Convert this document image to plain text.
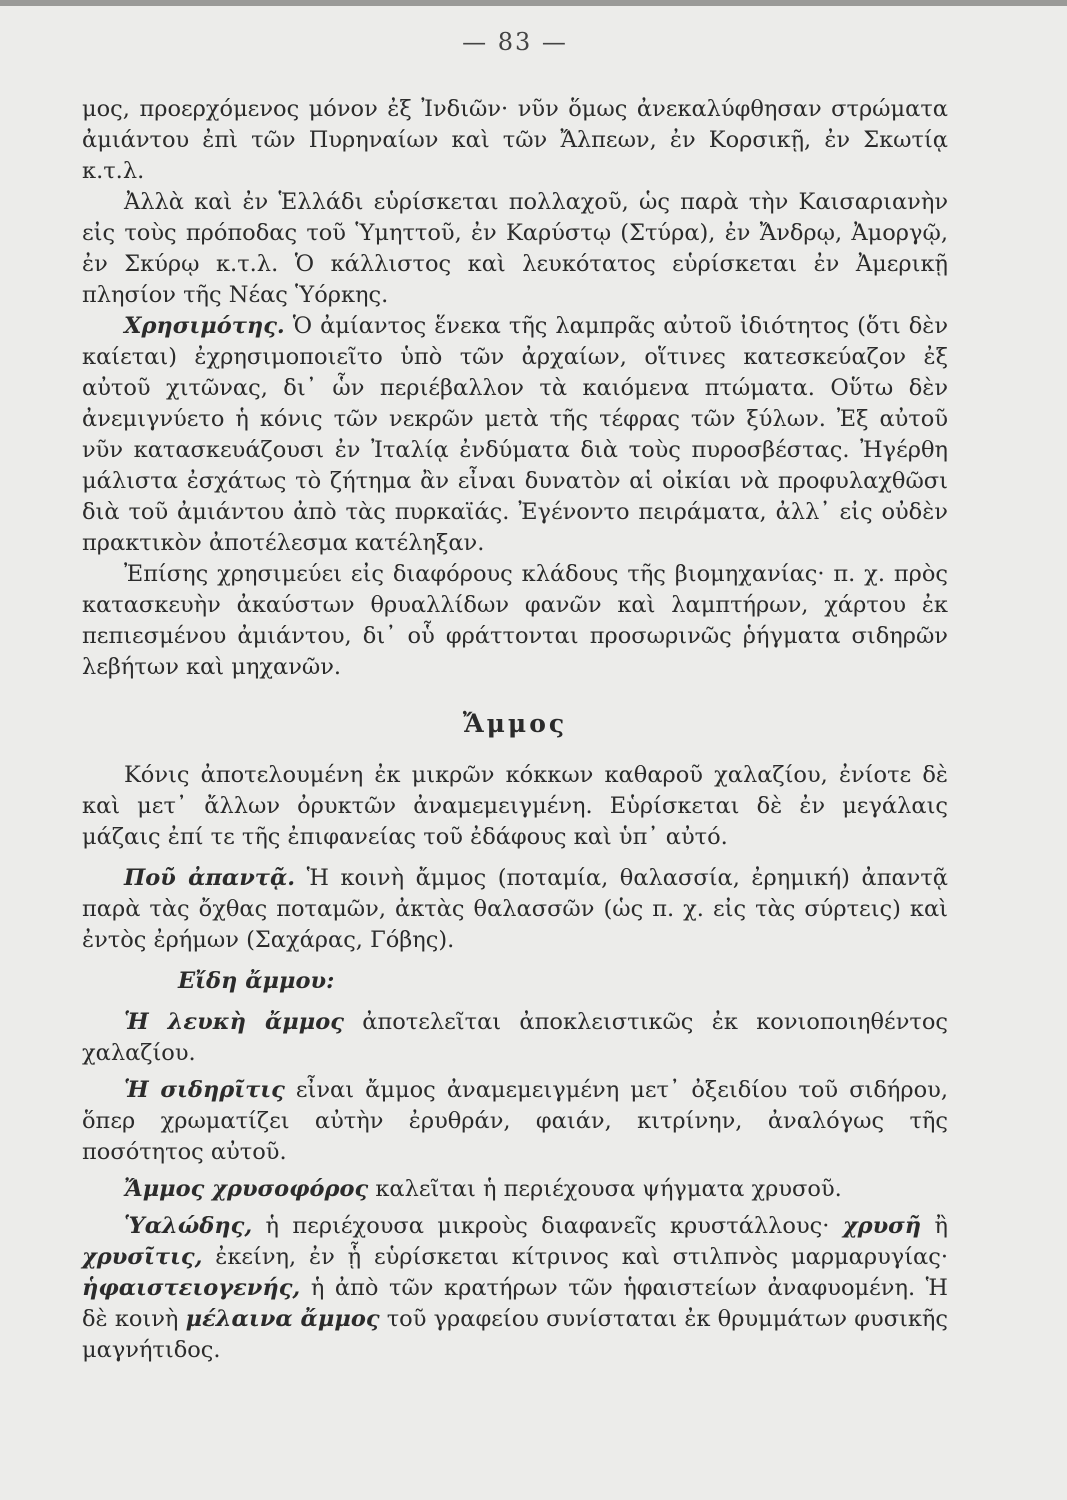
— 83 —

μος, προερχόμενος μόνον ἐξ Ἰνδιῶν· νῦν ὅμως ἀνεκαλύφθησαν στρώματα ἀμιάντου ἐπὶ τῶν Πυρηναίων καὶ τῶν Ἄλπεων, ἐν Κορσικῇ, ἐν Σκωτίᾳ κ.τ.λ.

Ἀλλὰ καὶ ἐν Ἑλλάδι εὑρίσκεται πολλαχοῦ, ὡς παρὰ τὴν Καισαριανὴν εἰς τοὺς πρόποδας τοῦ Ὑμηττοῦ, ἐν Καρύστῳ (Στύρα), ἐν Ἄνδρῳ, Ἀμοργῷ, ἐν Σκύρῳ κ.τ.λ. Ὁ κάλλιστος καὶ λευκότατος εὑρίσκεται ἐν Ἀμερικῇ πλησίον τῆς Νέας Ὑόρκης.

Χρησιμότης. Ὁ ἀμίαντος ἕνεκα τῆς λαμπρᾶς αὐτοῦ ἰδιότητος (ὅτι δὲν καίεται) ἐχρησιμοποιεῖτο ὑπὸ τῶν ἀρχαίων, οἵτινες κατεσκεύαζον ἐξ αὐτοῦ χιτῶνας, δι᾽ ὧν περιέβαλλον τὰ καιόμενα πτώματα. Οὕτω δὲν ἀνεμιγνύετο ἡ κόνις τῶν νεκρῶν μετὰ τῆς τέφρας τῶν ξύλων. Ἐξ αὐτοῦ νῦν κατασκευάζουσι ἐν Ἰταλίᾳ ἐνδύματα διὰ τοὺς πυροσβέστας. Ἠγέρθη μάλιστα ἐσχάτως τὸ ζήτημα ἂν εἶναι δυνατὸν αἱ οἰκίαι νὰ προφυλαχθῶσι διὰ τοῦ ἀμιάντου ἀπὸ τὰς πυρκαϊάς. Ἐγένοντο πειράματα, ἀλλ᾽ εἰς οὐδὲν πρακτικὸν ἀποτέλεσμα κατέληξαν.

Ἐπίσης χρησιμεύει εἰς διαφόρους κλάδους τῆς βιομηχανίας· π. χ. πρὸς κατασκευὴν ἀκαύστων θρυαλλίδων φανῶν καὶ λαμπτήρων, χάρτου ἐκ πεπιεσμένου ἀμιάντου, δι᾽ οὗ φράττονται προσωρινῶς ῥήγματα σιδηρῶν λεβήτων καὶ μηχανῶν.

Ἄμμος

Κόνις ἀποτελουμένη ἐκ μικρῶν κόκκων καθαροῦ χαλαζίου, ἐνίοτε δὲ καὶ μετ᾽ ἄλλων ὀρυκτῶν ἀναμεμειγμένη. Εὑρίσκεται δὲ ἐν μεγάλαις μάζαις ἐπί τε τῆς ἐπιφανείας τοῦ ἐδάφους καὶ ὑπ᾽ αὐτό.

Ποῦ ἀπαντᾷ. Ἡ κοινὴ ἄμμος (ποταμία, θαλασσία, ἐρημική) ἀπαντᾷ παρὰ τὰς ὄχθας ποταμῶν, ἀκτὰς θαλασσῶν (ὡς π. χ. εἰς τὰς σύρτεις) καὶ ἐντὸς ἐρήμων (Σαχάρας, Γόβης).

Εἴδη ἄμμου:

Ἡ λευκὴ ἄμμος ἀποτελεῖται ἀποκλειστικῶς ἐκ κονιοποιηθέντος χαλαζίου.

Ἡ σιδηρῖτις εἶναι ἄμμος ἀναμεμειγμένη μετ᾽ ὀξειδίου τοῦ σιδήρου, ὅπερ χρωματίζει αὐτὴν ἐρυθράν, φαιάν, κιτρίνην, ἀναλόγως τῆς ποσότητος αὐτοῦ.

Ἄμμος χρυσοφόρος καλεῖται ἡ περιέχουσα ψήγματα χρυσοῦ.

Ὑαλώδης, ἡ περιέχουσα μικροὺς διαφανεῖς κρυστάλλους· χρυσῆ ἢ χρυσῖτις, ἐκείνη, ἐν ᾗ εὑρίσκεται κίτρινος καὶ στιλπνὸς μαρμαρυγίας· ἡφαιστειογενής, ἡ ἀπὸ τῶν κρατήρων τῶν ἡφαιστείων ἀναφυομένη. Ἡ δὲ κοινὴ μέλαινα ἄμμος τοῦ γραφείου συνίσταται ἐκ θρυμμάτων φυσικῆς μαγνήτιδος.
